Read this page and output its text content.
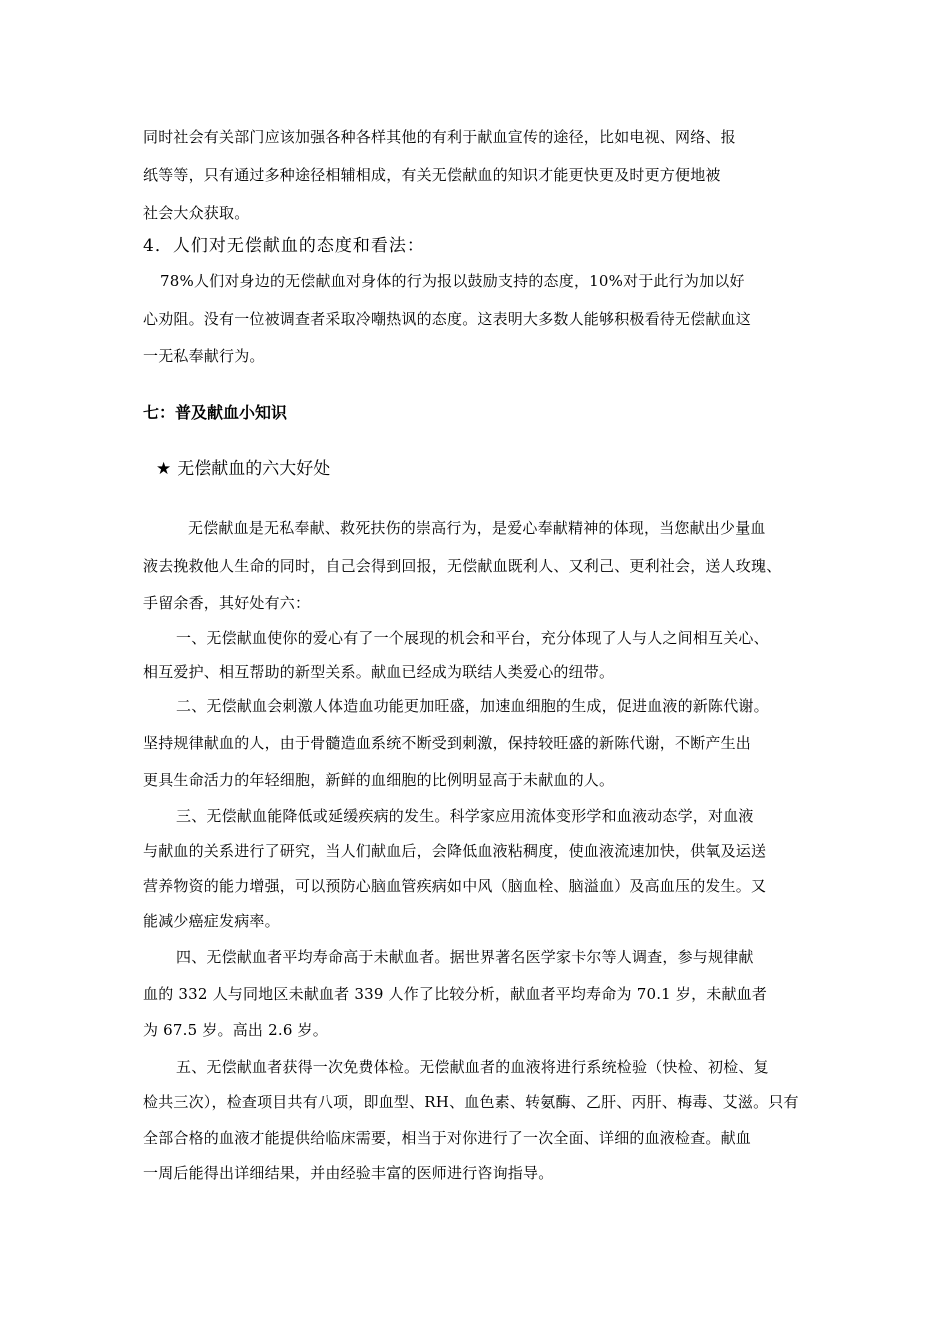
同时社会有关部门应该加强各种各样其他的有利于献血宣传的途径，比如电视、网络、报
纸等等，只有通过多种途径相辅相成，有关无偿献血的知识才能更快更及时更方便地被
社会大众获取。
4．人们对无偿献血的态度和看法：
78%人们对身边的无偿献血对身体的行为报以鼓励支持的态度，10%对于此行为加以好
心劝阻。没有一位被调查者采取冷嘲热讽的态度。这表明大多数人能够积极看待无偿献血这
一无私奉献行为。
七：普及献血小知识
★ 无偿献血的六大好处
无偿献血是无私奉献、救死扶伤的崇高行为，是爱心奉献精神的体现，当您献出少量血
液去挽救他人生命的同时，自己会得到回报，无偿献血既利人、又利己、更利社会，送人玫瑰、
手留余香，其好处有六：
一、无偿献血使你的爱心有了一个展现的机会和平台，充分体现了人与人之间相互关心、
相互爱护、相互帮助的新型关系。献血已经成为联结人类爱心的纽带。
二、无偿献血会刺激人体造血功能更加旺盛，加速血细胞的生成，促进血液的新陈代谢。
坚持规律献血的人，由于骨髓造血系统不断受到刺激，保持较旺盛的新陈代谢，不断产生出
更具生命活力的年轻细胞，新鲜的血细胞的比例明显高于未献血的人。
三、无偿献血能降低或延缓疾病的发生。科学家应用流体变形学和血液动态学，对血液
与献血的关系进行了研究，当人们献血后，会降低血液粘稠度，使血液流速加快，供氧及运送
营养物资的能力增强，可以预防心脑血管疾病如中风（脑血栓、脑溢血）及高血压的发生。又
能减少癌症发病率。
四、无偿献血者平均寿命高于未献血者。据世界著名医学家卡尔等人调查，参与规律献
血的 332 人与同地区未献血者 339 人作了比较分析，献血者平均寿命为 70.1 岁，未献血者
为 67.5 岁。高出 2.6 岁。
五、无偿献血者获得一次免费体检。无偿献血者的血液将进行系统检验（快检、初检、复
检共三次），检查项目共有八项，即血型、RH、血色素、转氨酶、乙肝、丙肝、梅毒、艾滋。只有
全部合格的血液才能提供给临床需要，相当于对你进行了一次全面、详细的血液检查。献血
一周后能得出详细结果，并由经验丰富的医师进行咨询指导。
